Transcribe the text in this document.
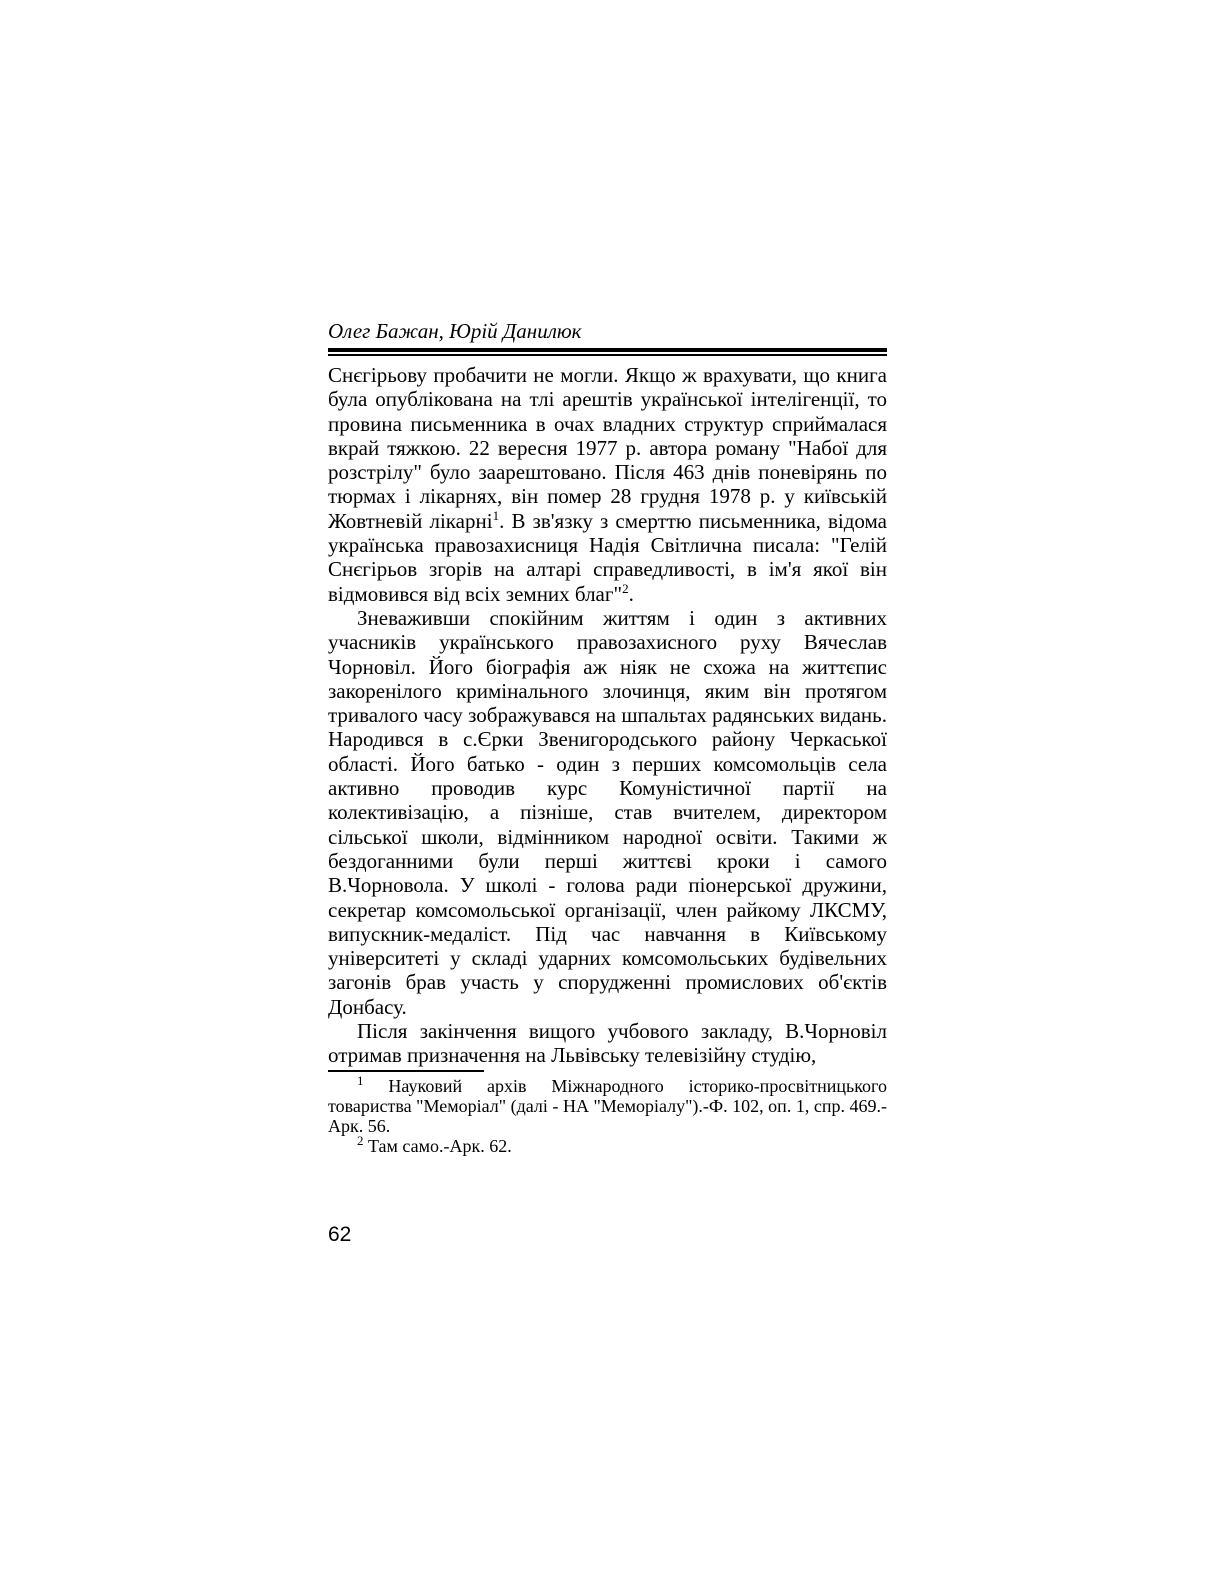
Олег Бажан, Юрій Данилюк

Снєгірьову пробачити не могли. Якщо ж врахувати, що книга була опублікована на тлі арештів української інтелігенції, то провина письменника в очах владних структур сприймалася вкрай тяжкою. 22 вересня 1977 р. автора роману "Набої для розстрілу" було заарештовано. Після 463 днів поневірянь по тюрмах і лікарнях, він помер 28 грудня 1978 р. у київській Жовтневій лікарні$^1$. В зв'язку з смерттю письменника, відома українська правозахисниця Надія Світлична писала: "Гелій Снєгірьов згорів на алтарі справедливості, в ім'я якої він відмовився від всіх земних благ"$^2$.

Зневаживши спокійним життям і один з активних учасників українського правозахисного руху Вячеслав Чорновіл. Його біографія аж ніяк не схожа на життєпис закоренілого кримінального злочинця, яким він протягом тривалого часу зображувався на шпальтах радянських видань. Народився в с.Єрки Звенигородського району Черкаської області. Його батько - один з перших комсомольців села активно проводив курс Комуністичної партії на колективізацію, а пізніше, став вчителем, директором сільської школи, відмінником народної освіти. Такими ж бездоганними були перші життєві кроки і самого В.Чорновола. У школі - голова ради піонерської дружини, секретар комсомольської організації, член райкому ЛКСМУ, випускник-медаліст. Під час навчання в Київському університеті у складі ударних комсомольських будівельних загонів брав участь у спорудженні промислових об'єктів Донбасу.

Після закінчення вищого учбового закладу, В.Чорновіл отримав призначення на Львівську телевізійну студію,

$^1$ Науковий архів Міжнародного історико-просвітницького товариства "Меморіал" (далі - НА "Меморіалу").-Ф. 102, оп. 1, спр. 469.-Арк. 56.

$^2$ Там само.-Арк. 62.

62
